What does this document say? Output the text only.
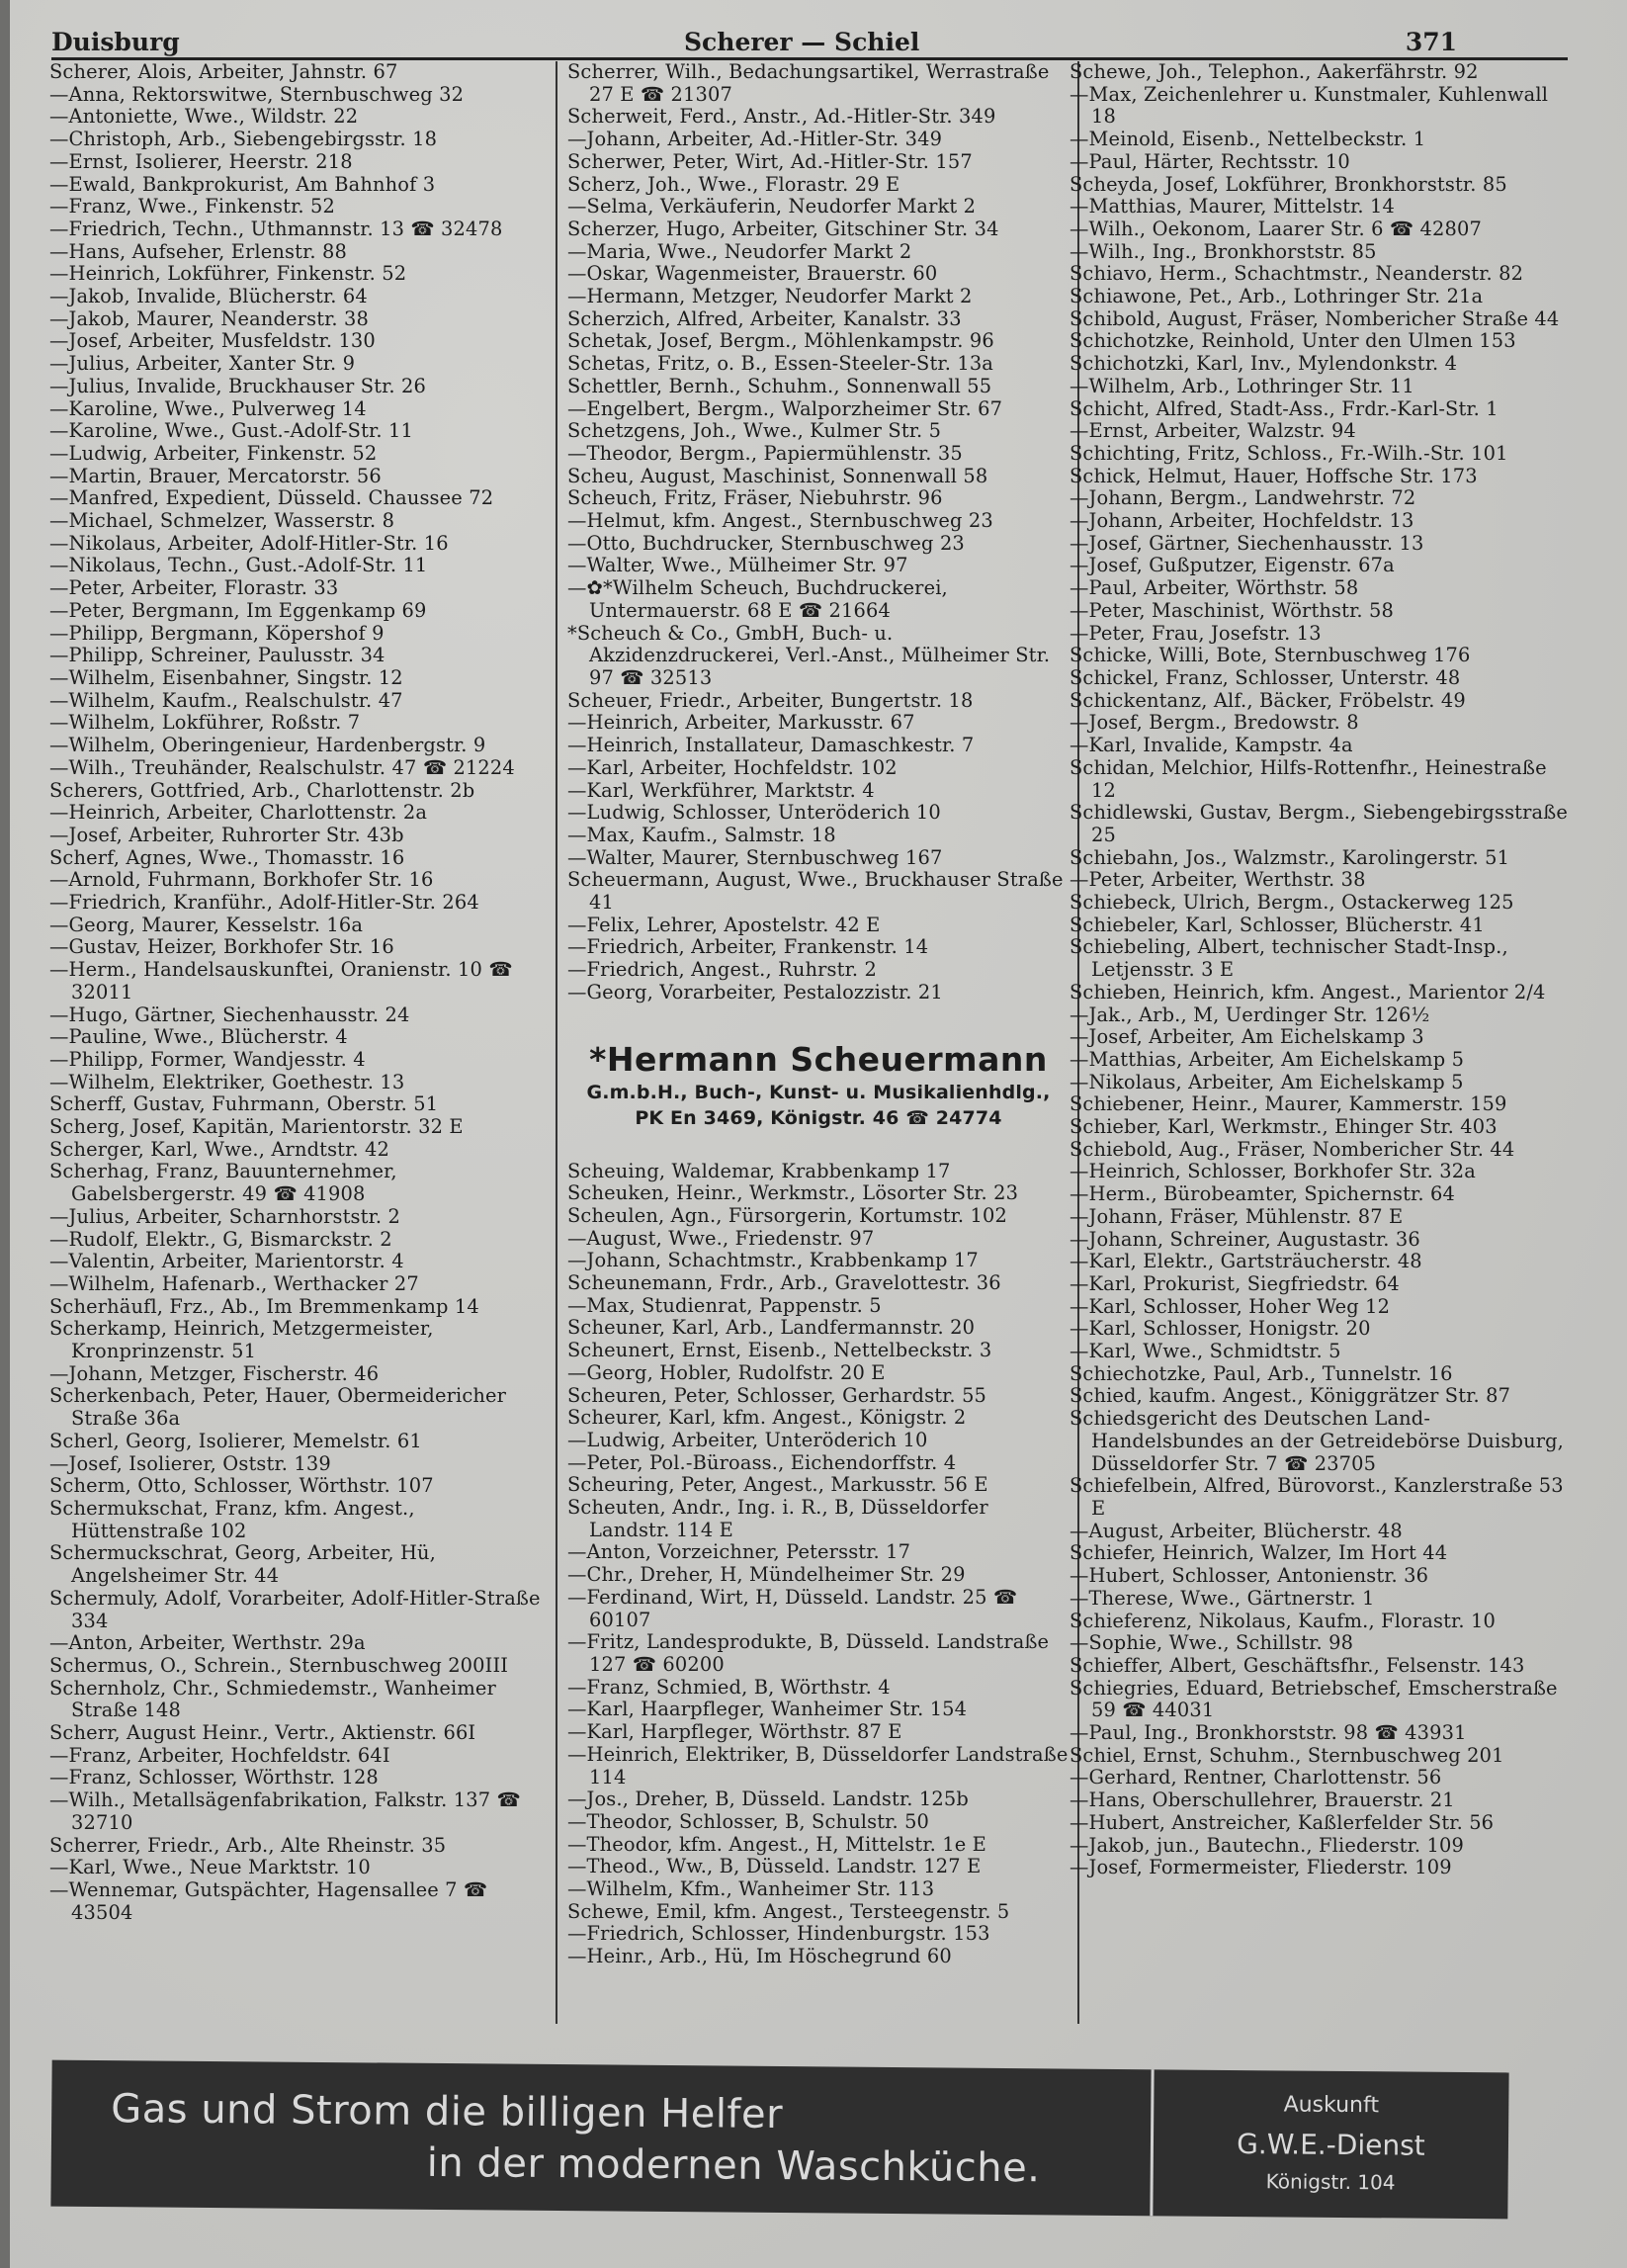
Duisburg	Scherer — Schiel	371
Scherer, Alois, Arbeiter, Jahnstr. 67
—Anna, Rektorswitwe, Sternbuschweg 32
—Antoniette, Wwe., Wildstr. 22
—Christoph, Arb., Siebengebirgsstr. 18
—Ernst, Isolierer, Heerstr. 218
—Ewald, Bankprokurist, Am Bahnhof 3
—Franz, Wwe., Finkenstr. 52
—Friedrich, Techn., Uthmannstr. 13 ☎ 32478
—Hans, Aufseher, Erlenstr. 88
—Heinrich, Lokführer, Finkenstr. 52
—Jakob, Invalide, Blücherstr. 64
—Jakob, Maurer, Neanderstr. 38
—Josef, Arbeiter, Musfeldstr. 130
—Julius, Arbeiter, Xanter Str. 9
—Julius, Invalide, Bruckhauser Str. 26
—Karoline, Wwe., Pulverweg 14
—Karoline, Wwe., Gust.-Adolf-Str. 11
—Ludwig, Arbeiter, Finkenstr. 52
—Martin, Brauer, Mercatorstr. 56
—Manfred, Expedient, Düsseld. Chaussee 72
—Michael, Schmelzer, Wasserstr. 8
—Nikolaus, Arbeiter, Adolf-Hitler-Str. 16
—Nikolaus, Techn., Gust.-Adolf-Str. 11
—Peter, Arbeiter, Florastr. 33
—Peter, Bergmann, Im Eggenkamp 69
—Philipp, Bergmann, Köpershof 9
—Philipp, Schreiner, Paulusstr. 34
—Wilhelm, Eisenbahner, Singstr. 12
—Wilhelm, Kaufm., Realschulstr. 47
—Wilhelm, Lokführer, Roßstr. 7
—Wilhelm, Oberingenieur, Hardenbergstr. 9
—Wilh., Treuhänder, Realschulstr. 47 ☎ 21224
Scherers, Gottfried, Arb., Charlottenstr. 2b
—Heinrich, Arbeiter, Charlottenstr. 2a
—Josef, Arbeiter, Ruhrorter Str. 43b
Scherf, Agnes, Wwe., Thomasstr. 16
—Arnold, Fuhrmann, Borkhofer Str. 16
—Friedrich, Kranführ., Adolf-Hitler-Str. 264
—Georg, Maurer, Kesselstr. 16a
—Gustav, Heizer, Borkhofer Str. 16
—Herm., Handelsauskunftei, Oranienstr. 10 ☎ 32011
—Hugo, Gärtner, Siechenhausstr. 24
—Pauline, Wwe., Blücherstr. 4
—Philipp, Former, Wandjesstr. 4
—Wilhelm, Elektriker, Goethestr. 13
Scherff, Gustav, Fuhrmann, Oberstr. 51
Scherg, Josef, Kapitän, Marientorstr. 32 E
Scherger, Karl, Wwe., Arndtstr. 42
Scherhag, Franz, Bauunternehmer, Gabelsbergerstr. 49 ☎ 41908
—Julius, Arbeiter, Scharnhorststr. 2
—Rudolf, Elektr., G, Bismarckstr. 2
—Valentin, Arbeiter, Marientorstr. 4
—Wilhelm, Hafenarb., Werthacker 27
Scherhäufl, Frz., Ab., Im Bremmenkamp 14
Scherkamp, Heinrich, Metzgermeister, Kronprinzenstr. 51
—Johann, Metzger, Fischerstr. 46
Scherkenbach, Peter, Hauer, Obermeidericher Straße 36a
Scherl, Georg, Isolierer, Memelstr. 61
—Josef, Isolierer, Oststr. 139
Scherm, Otto, Schlosser, Wörthstr. 107
Schermukschat, Franz, kfm. Angest., Hüttenstraße 102
Schermuckschrat, Georg, Arbeiter, Hü, Angelsheimer Str. 44
Schermuly, Adolf, Vorarbeiter, Adolf-Hitler-Straße 334
—Anton, Arbeiter, Werthstr. 29a
Schermus, O., Schrein., Sternbuschweg 200III
Schernholz, Chr., Schmiedemstr., Wanheimer Straße 148
Scherr, August Heinr., Vertr., Aktienstr. 66I
—Franz, Arbeiter, Hochfeldstr. 64I
—Franz, Schlosser, Wörthstr. 128
—Wilh., Metallsägenfabrikation, Falkstr. 137 ☎ 32710
Scherrer, Friedr., Arb., Alte Rheinstr. 35
—Karl, Wwe., Neue Marktstr. 10
—Wennemar, Gutspächter, Hagensallee 7 ☎ 43504
Scherrer, Wilh., Bedachungsartikel, Werrastraße 27 E ☎ 21307
Scherweit, Ferd., Anstr., Ad.-Hitler-Str. 349
—Johann, Arbeiter, Ad.-Hitler-Str. 349
Scherwer, Peter, Wirt, Ad.-Hitler-Str. 157
Scherz, Joh., Wwe., Florastr. 29 E
—Selma, Verkäuferin, Neudorfer Markt 2
Scherzer, Hugo, Arbeiter, Gitschiner Str. 34
—Maria, Wwe., Neudorfer Markt 2
—Oskar, Wagenmeister, Brauerstr. 60
—Hermann, Metzger, Neudorfer Markt 2
Scherzich, Alfred, Arbeiter, Kanalstr. 33
Schetak, Josef, Bergm., Möhlenkampstr. 96
Schetas, Fritz, o. B., Essen-Steeler-Str. 13a
Schettler, Bernh., Schuhm., Sonnenwall 55
—Engelbert, Bergm., Walporzheimer Str. 67
Schetzgens, Joh., Wwe., Kulmer Str. 5
—Theodor, Bergm., Papiermühlenstr. 35
Scheu, August, Maschinist, Sonnenwall 58
Scheuch, Fritz, Fräser, Niebuhrstr. 96
—Helmut, kfm. Angest., Sternbuschweg 23
—Otto, Buchdrucker, Sternbuschweg 23
—Walter, Wwe., Mülheimer Str. 97
—✿*Wilhelm Scheuch, Buchdruckerei, Untermauerstr. 68 E ☎ 21664
*Scheuch & Co., GmbH, Buch- u. Akzidenzdruckerei, Verl.-Anst., Mülheimer Str. 97 ☎ 32513
Scheuer, Friedr., Arbeiter, Bungertstr. 18
—Heinrich, Arbeiter, Markusstr. 67
—Heinrich, Installateur, Damaschkestr. 7
—Karl, Arbeiter, Hochfeldstr. 102
—Karl, Werkführer, Marktstr. 4
—Ludwig, Schlosser, Unteröderich 10
—Max, Kaufm., Salmstr. 18
—Walter, Maurer, Sternbuschweg 167
Scheuermann, August, Wwe., Bruckhauser Straße 41
—Felix, Lehrer, Apostelstr. 42 E
—Friedrich, Arbeiter, Frankenstr. 14
—Friedrich, Angest., Ruhrstr. 2
—Georg, Vorarbeiter, Pestalozzistr. 21
*Hermann Scheuermann
G.m.b.H., Buch-, Kunst- u. Musikalienhdlg.,
PK En 3469, Königstr. 46 ☎ 24774
Scheuing, Waldemar, Krabbenkamp 17
Scheuken, Heinr., Werkmstr., Lösorter Str. 23
Scheulen, Agn., Fürsorgerin, Kortumstr. 102
—August, Wwe., Friedenstr. 97
—Johann, Schachtmstr., Krabbenkamp 17
Scheunemann, Frdr., Arb., Gravelottestr. 36
—Max, Studienrat, Pappenstr. 5
Scheuner, Karl, Arb., Landfermannstr. 20
Scheunert, Ernst, Eisenb., Nettelbeckstr. 3
—Georg, Hobler, Rudolfstr. 20 E
Scheuren, Peter, Schlosser, Gerhardstr. 55
Scheurer, Karl, kfm. Angest., Königstr. 2
—Ludwig, Arbeiter, Unteröderich 10
—Peter, Pol.-Büroass., Eichendorffstr. 4
Scheuring, Peter, Angest., Markusstr. 56 E
Scheuten, Andr., Ing. i. R., B, Düsseldorfer Landstr. 114 E
—Anton, Vorzeichner, Petersstr. 17
—Chr., Dreher, H, Mündelheimer Str. 29
—Ferdinand, Wirt, H, Düsseld. Landstr. 25 ☎ 60107
—Fritz, Landesprodukte, B, Düsseld. Landstraße 127 ☎ 60200
—Franz, Schmied, B, Wörthstr. 4
—Karl, Haarpfleger, Wanheimer Str. 154
—Karl, Harpfleger, Wörthstr. 87 E
—Heinrich, Elektriker, B, Düsseldorfer Landstraße 114
—Jos., Dreher, B, Düsseld. Landstr. 125b
—Theodor, Schlosser, B, Schulstr. 50
—Theodor, kfm. Angest., H, Mittelstr. 1e E
—Theod., Ww., B, Düsseld. Landstr. 127 E
—Wilhelm, Kfm., Wanheimer Str. 113
Schewe, Emil, kfm. Angest., Tersteegenstr. 5
—Friedrich, Schlosser, Hindenburgstr. 153
—Heinr., Arb., Hü, Im Höschegrund 60
Schewe, Joh., Telephon., Aakerfährstr. 92
—Max, Zeichenlehrer u. Kunstmaler, Kuhlenwall 18
—Meinold, Eisenb., Nettelbeckstr. 1
—Paul, Härter, Rechtsstr. 10
Scheyda, Josef, Lokführer, Bronkhorststr. 85
—Matthias, Maurer, Mittelstr. 14
—Wilh., Oekonom, Laarer Str. 6 ☎ 42807
—Wilh., Ing., Bronkhorststr. 85
Schiavo, Herm., Schachtmstr., Neanderstr. 82
Schiawone, Pet., Arb., Lothringer Str. 21a
Schibold, August, Fräser, Nombericher Straße 44
Schichotzke, Reinhold, Unter den Ulmen 153
Schichotzki, Karl, Inv., Mylendonkstr. 4
—Wilhelm, Arb., Lothringer Str. 11
Schicht, Alfred, Stadt-Ass., Frdr.-Karl-Str. 1
—Ernst, Arbeiter, Walzstr. 94
Schichting, Fritz, Schloss., Fr.-Wilh.-Str. 101
Schick, Helmut, Hauer, Hoffsche Str. 173
—Johann, Bergm., Landwehrstr. 72
—Johann, Arbeiter, Hochfeldstr. 13
—Josef, Gärtner, Siechenhausstr. 13
—Josef, Gußputzer, Eigenstr. 67a
—Paul, Arbeiter, Wörthstr. 58
—Peter, Maschinist, Wörthstr. 58
—Peter, Frau, Josefstr. 13
Schicke, Willi, Bote, Sternbuschweg 176
Schickel, Franz, Schlosser, Unterstr. 48
Schickentanz, Alf., Bäcker, Fröbelstr. 49
—Josef, Bergm., Bredowstr. 8
—Karl, Invalide, Kampstr. 4a
Schidan, Melchior, Hilfs-Rottenfhr., Heinestraße 12
Schidlewski, Gustav, Bergm., Siebengebirgsstraße 25
Schiebahn, Jos., Walzmstr., Karolingerstr. 51
—Peter, Arbeiter, Werthstr. 38
Schiebeck, Ulrich, Bergm., Ostackerweg 125
Schiebeler, Karl, Schlosser, Blücherstr. 41
Schiebeling, Albert, technischer Stadt-Insp., Letjensstr. 3 E
Schieben, Heinrich, kfm. Angest., Marientor 2/4
—Jak., Arb., M, Uerdinger Str. 126½
—Josef, Arbeiter, Am Eichelskamp 3
—Matthias, Arbeiter, Am Eichelskamp 5
—Nikolaus, Arbeiter, Am Eichelskamp 5
Schiebener, Heinr., Maurer, Kammerstr. 159
Schieber, Karl, Werkmstr., Ehinger Str. 403
Schiebold, Aug., Fräser, Nombericher Str. 44
—Heinrich, Schlosser, Borkhofer Str. 32a
—Herm., Bürobeamter, Spichernstr. 64
—Johann, Fräser, Mühlenstr. 87 E
—Johann, Schreiner, Augustastr. 36
—Karl, Elektr., Gartsträucherstr. 48
—Karl, Prokurist, Siegfriedstr. 64
—Karl, Schlosser, Hoher Weg 12
—Karl, Schlosser, Honigstr. 20
—Karl, Wwe., Schmidtstr. 5
Schiechotzke, Paul, Arb., Tunnelstr. 16
Schied, kaufm. Angest., Königgrätzer Str. 87
Schiedsgericht des Deutschen Land-Handelsbundes an der Getreidebörse Duisburg, Düsseldorfer Str. 7 ☎ 23705
Schiefelbein, Alfred, Bürovorst., Kanzlerstraße 53 E
—August, Arbeiter, Blücherstr. 48
Schiefer, Heinrich, Walzer, Im Hort 44
—Hubert, Schlosser, Antonienstr. 36
—Therese, Wwe., Gärtnerstr. 1
Schieferenz, Nikolaus, Kaufm., Florastr. 10
—Sophie, Wwe., Schillstr. 98
Schieffer, Albert, Geschäftsfhr., Felsenstr. 143
Schiegries, Eduard, Betriebschef, Emscherstraße 59 ☎ 44031
—Paul, Ing., Bronkhorststr. 98 ☎ 43931
Schiel, Ernst, Schuhm., Sternbuschweg 201
—Gerhard, Rentner, Charlottenstr. 56
—Hans, Oberschullehrer, Brauerstr. 21
—Hubert, Anstreicher, Kaßlerfelder Str. 56
—Jakob, jun., Bautechn., Fliederstr. 109
—Josef, Formermeister, Fliederstr. 109
Gas und Strom die billigen Helfer
in der modernen Waschküche.
Auskunft
G.W.E.-Dienst
Königstr. 104
